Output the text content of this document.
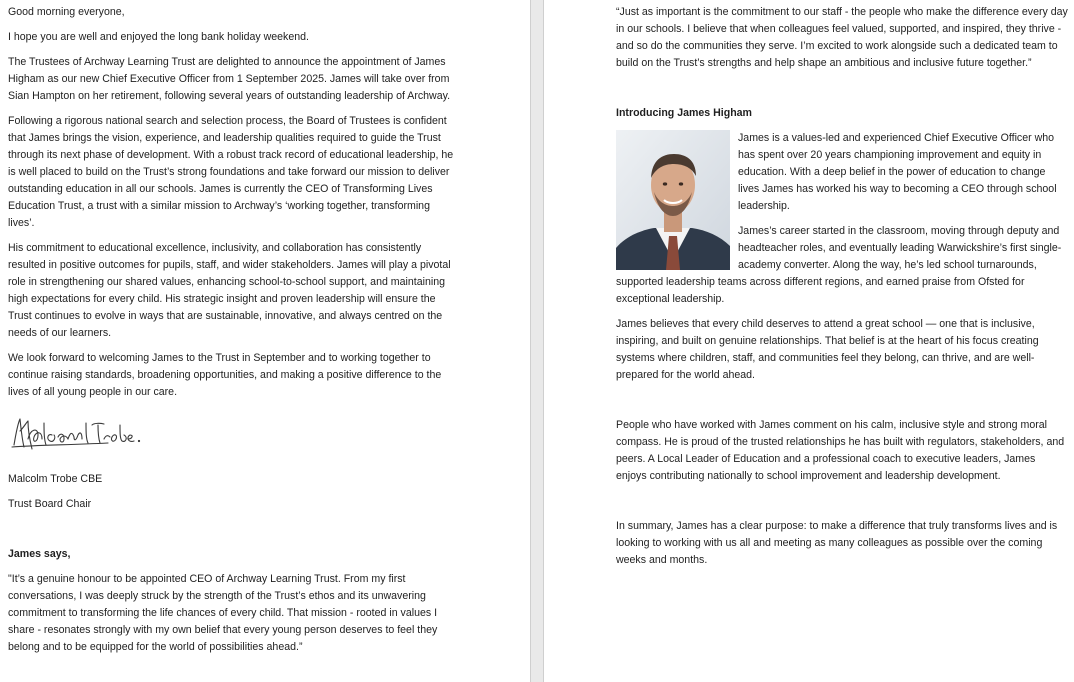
Good morning everyone,

I hope you are well and enjoyed the long bank holiday weekend.

The Trustees of Archway Learning Trust are delighted to announce the appointment of James Higham as our new Chief Executive Officer from 1 September 2025. James will take over from Sian Hampton on her retirement, following several years of outstanding leadership of Archway.

Following a rigorous national search and selection process, the Board of Trustees is confident that James brings the vision, experience, and leadership qualities required to guide the Trust through its next phase of development. With a robust track record of educational leadership, he is well placed to build on the Trust’s strong foundations and take forward our mission to deliver outstanding education in all our schools. James is currently the CEO of Transforming Lives Education Trust, a trust with a similar mission to Archway’s ‘working together, transforming lives’.

His commitment to educational excellence, inclusivity, and collaboration has consistently resulted in positive outcomes for pupils, staff, and wider stakeholders. James will play a pivotal role in strengthening our shared values, enhancing school-to-school support, and maintaining high expectations for every child. His strategic insight and proven leadership will ensure the Trust continues to evolve in ways that are sustainable, innovative, and always centred on the needs of our learners.

We look forward to welcoming James to the Trust in September and to working together to continue raising standards, broadening opportunities, and making a positive difference to the lives of all young people in our care.

Malcolm Trobe CBE

Trust Board Chair

James says,

"It’s a genuine honour to be appointed CEO of Archway Learning Trust. From my first conversations, I was deeply struck by the strength of the Trust’s ethos and its unwavering commitment to transforming the life chances of every child. That mission - rooted in values I share - resonates strongly with my own belief that every young person deserves to feel they belong and to be equipped for the world of possibilities ahead.”

“Just as important is the commitment to our staff - the people who make the difference every day in our schools. I believe that when colleagues feel valued, supported, and inspired, they thrive - and so do the communities they serve. I’m excited to work alongside such a dedicated team to build on the Trust’s strengths and help shape an ambitious and inclusive future together.”

Introducing James Higham

James is a values-led and experienced Chief Executive Officer who has spent over 20 years championing improvement and equity in education. With a deep belief in the power of education to change lives James has worked his way to becoming a CEO through school leadership.

James’s career started in the classroom, moving through deputy and headteacher roles, and eventually leading Warwickshire’s first single-academy converter. Along the way, he’s led school turnarounds, supported leadership teams across different regions, and earned praise from Ofsted for exceptional leadership.

James believes that every child deserves to attend a great school — one that is inclusive, inspiring, and built on genuine relationships. That belief is at the heart of his focus creating systems where children, staff, and communities feel they belong, can thrive, and are well-prepared for the world ahead.

People who have worked with James comment on his calm, inclusive style and strong moral compass. He is proud of the trusted relationships he has built with regulators, stakeholders, and peers. A Local Leader of Education and a professional coach to executive leaders, James enjoys contributing nationally to school improvement and leadership development.

In summary, James has a clear purpose: to make a difference that truly transforms lives and is looking to working with us all and meeting as many colleagues as possible over the coming weeks and months.
